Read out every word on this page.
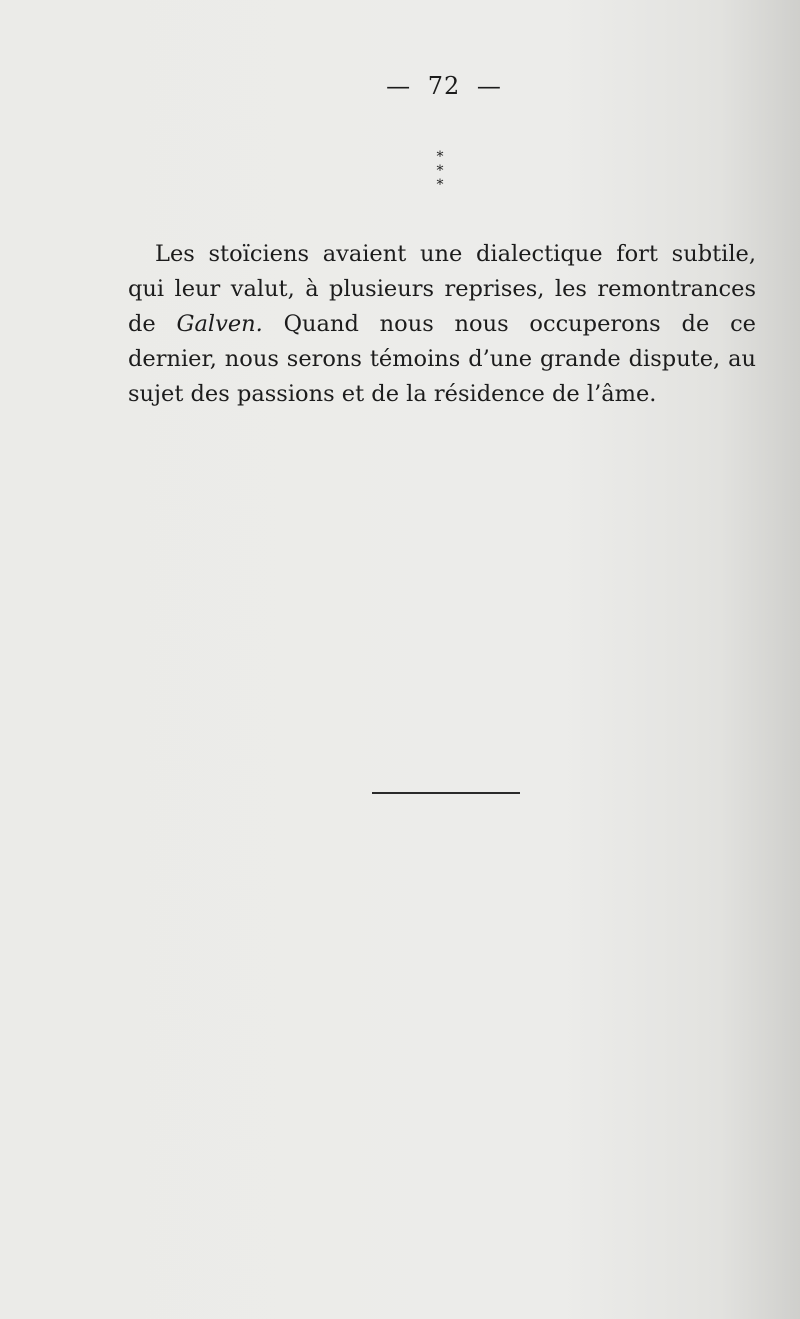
— 72 —
*
* *

Les stoïciens avaient une dialectique fort subtile, qui leur valut, à plusieurs reprises, les remontrances de Galven. Quand nous nous occuperons de ce dernier, nous serons témoins d’une grande dispute, au sujet des passions et de la résidence de l’âme.
